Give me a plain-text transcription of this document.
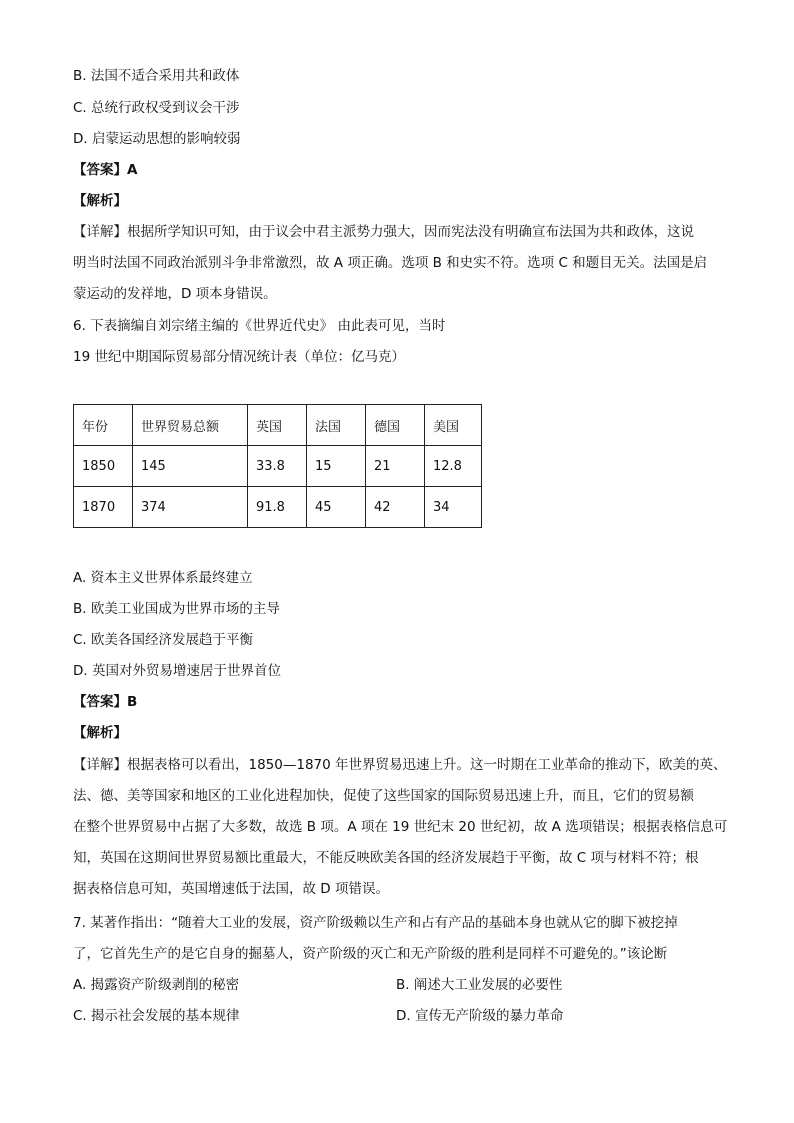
B. 法国不适合采用共和政体
C. 总统行政权受到议会干涉
D. 启蒙运动思想的影响较弱
【答案】A
【解析】
【详解】根据所学知识可知，由于议会中君主派势力强大，因而宪法没有明确宣布法国为共和政体，这说
明当时法国不同政治派别斗争非常激烈，故 A 项正确。选项 B 和史实不符。选项 C 和题目无关。法国是启
蒙运动的发祥地，D 项本身错误。
6. 下表摘编自刘宗绪主编的《世界近代史》 由此表可见，当时
19 世纪中期国际贸易部分情况统计表（单位：亿马克）
年份	世界贸易总额	英国	法国	德国	美国
1850	145	33.8	15	21	12.8
1870	374	91.8	45	42	34
A. 资本主义世界体系最终建立
B. 欧美工业国成为世界市场的主导
C. 欧美各国经济发展趋于平衡
D. 英国对外贸易增速居于世界首位
【答案】B
【解析】
【详解】根据表格可以看出，1850—1870 年世界贸易迅速上升。这一时期在工业革命的推动下，欧美的英、
法、德、美等国家和地区的工业化进程加快，促使了这些国家的国际贸易迅速上升，而且，它们的贸易额
在整个世界贸易中占据了大多数，故选 B 项。A 项在 19 世纪末 20 世纪初，故 A 选项错误；根据表格信息可
知，英国在这期间世界贸易额比重最大，不能反映欧美各国的经济发展趋于平衡，故 C 项与材料不符；根
据表格信息可知，英国增速低于法国，故 D 项错误。
7. 某著作指出：“随着大工业的发展，资产阶级赖以生产和占有产品的基础本身也就从它的脚下被挖掉
了，它首先生产的是它自身的掘墓人，资产阶级的灭亡和无产阶级的胜利是同样不可避免的。”该论断
A. 揭露资产阶级剥削的秘密	B. 阐述大工业发展的必要性
C. 揭示社会发展的基本规律	D. 宣传无产阶级的暴力革命
